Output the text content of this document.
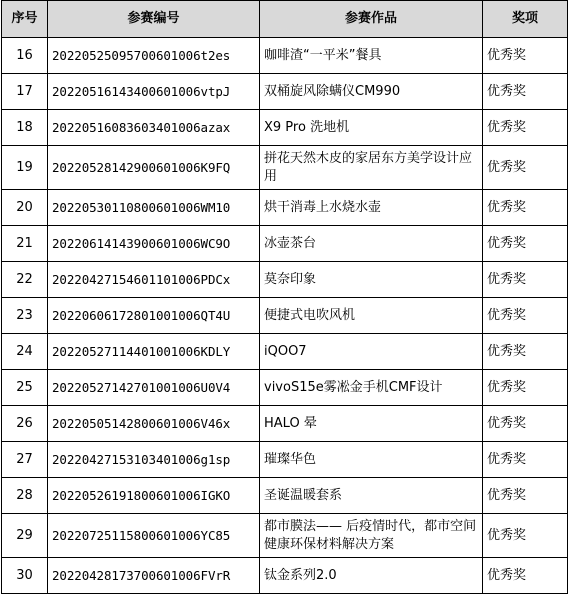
序号	参赛编号	参赛作品	奖项
16	20220525095700601006t2es	咖啡渣“一平米”餐具	优秀奖
17	20220516143400601006vtpJ	双桶旋风除螨仪CM990	优秀奖
18	20220516083603401006azax	X9 Pro 洗地机	优秀奖
19	20220528142900601006K9FQ	拼花天然木皮的家居东方美学设计应用	优秀奖
20	20220530110800601006WM10	烘干消毒上水烧水壶	优秀奖
21	20220614143900601006WC9O	冰壶茶台	优秀奖
22	20220427154601101006PDCx	莫奈印象	优秀奖
23	20220606172801001006QT4U	便捷式电吹风机	优秀奖
24	20220527114401001006KDLY	iQOO7	优秀奖
25	20220527142701001006U0V4	vivoS15e雾凇金手机CMF设计	优秀奖
26	20220505142800601006V46x	HALO 晕	优秀奖
27	20220427153103401006g1sp	璀璨华色	优秀奖
28	20220526191800601006IGKO	圣诞温暖套系	优秀奖
29	20220725115800601006YC85	都市膜法—— 后疫情时代，都市空间健康环保材料解决方案	优秀奖
30	20220428173700601006FVrR	钛金系列2.0	优秀奖
